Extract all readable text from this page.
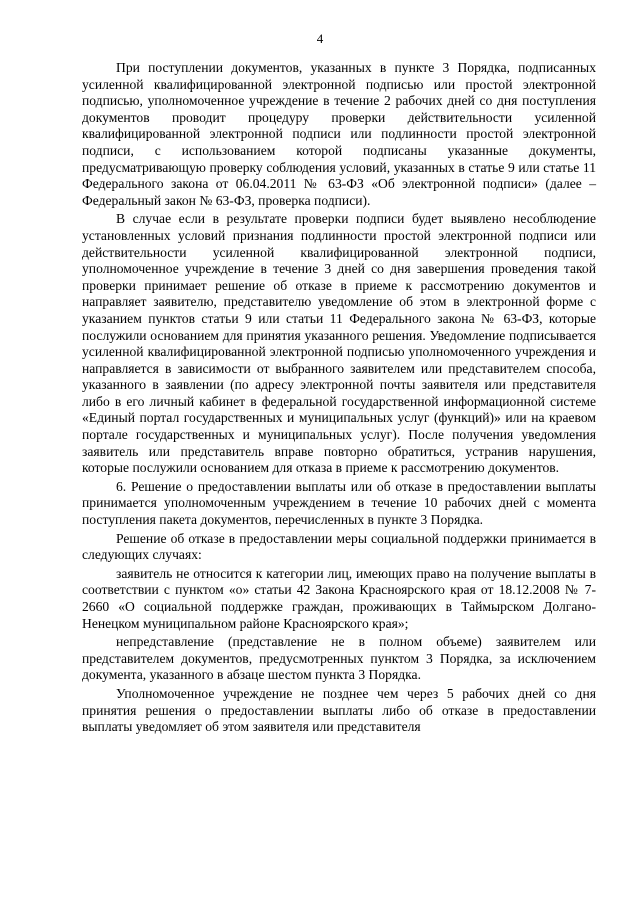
4

При поступлении документов, указанных в пункте 3 Порядка, подписанных усиленной квалифицированной электронной подписью или простой электронной подписью, уполномоченное учреждение в течение 2 рабочих дней со дня поступления документов проводит процедуру проверки действительности усиленной квалифицированной электронной подписи или подлинности простой электронной подписи, с использованием которой подписаны указанные документы, предусматривающую проверку соблюдения условий, указанных в статье 9 или статье 11 Федерального закона от 06.04.2011 № 63-ФЗ «Об электронной подписи» (далее – Федеральный закон № 63-ФЗ, проверка подписи).

В случае если в результате проверки подписи будет выявлено несоблюдение установленных условий признания подлинности простой электронной подписи или действительности усиленной квалифицированной электронной подписи, уполномоченное учреждение в течение 3 дней со дня завершения проведения такой проверки принимает решение об отказе в приеме к рассмотрению документов и направляет заявителю, представителю уведомление об этом в электронной форме с указанием пунктов статьи 9 или статьи 11 Федерального закона № 63-ФЗ, которые послужили основанием для принятия указанного решения. Уведомление подписывается усиленной квалифицированной электронной подписью уполномоченного учреждения и направляется в зависимости от выбранного заявителем или представителем способа, указанного в заявлении (по адресу электронной почты заявителя или представителя либо в его личный кабинет в федеральной государственной информационной системе «Единый портал государственных и муниципальных услуг (функций)» или на краевом портале государственных и муниципальных услуг). После получения уведомления заявитель или представитель вправе повторно обратиться, устранив нарушения, которые послужили основанием для отказа в приеме к рассмотрению документов.

6. Решение о предоставлении выплаты или об отказе в предоставлении выплаты принимается уполномоченным учреждением в течение 10 рабочих дней с момента поступления пакета документов, перечисленных в пункте 3 Порядка.

Решение об отказе в предоставлении меры социальной поддержки принимается в следующих случаях:

заявитель не относится к категории лиц, имеющих право на получение выплаты в соответствии с пунктом «о» статьи 42 Закона Красноярского края от 18.12.2008 № 7-2660 «О социальной поддержке граждан, проживающих в Таймырском Долгано-Ненецком муниципальном районе Красноярского края»;

непредставление (представление не в полном объеме) заявителем или представителем документов, предусмотренных пунктом 3 Порядка, за исключением документа, указанного в абзаце шестом пункта 3 Порядка.

Уполномоченное учреждение не позднее чем через 5 рабочих дней со дня принятия решения о предоставлении выплаты либо об отказе в предоставлении выплаты уведомляет об этом заявителя или представителя
